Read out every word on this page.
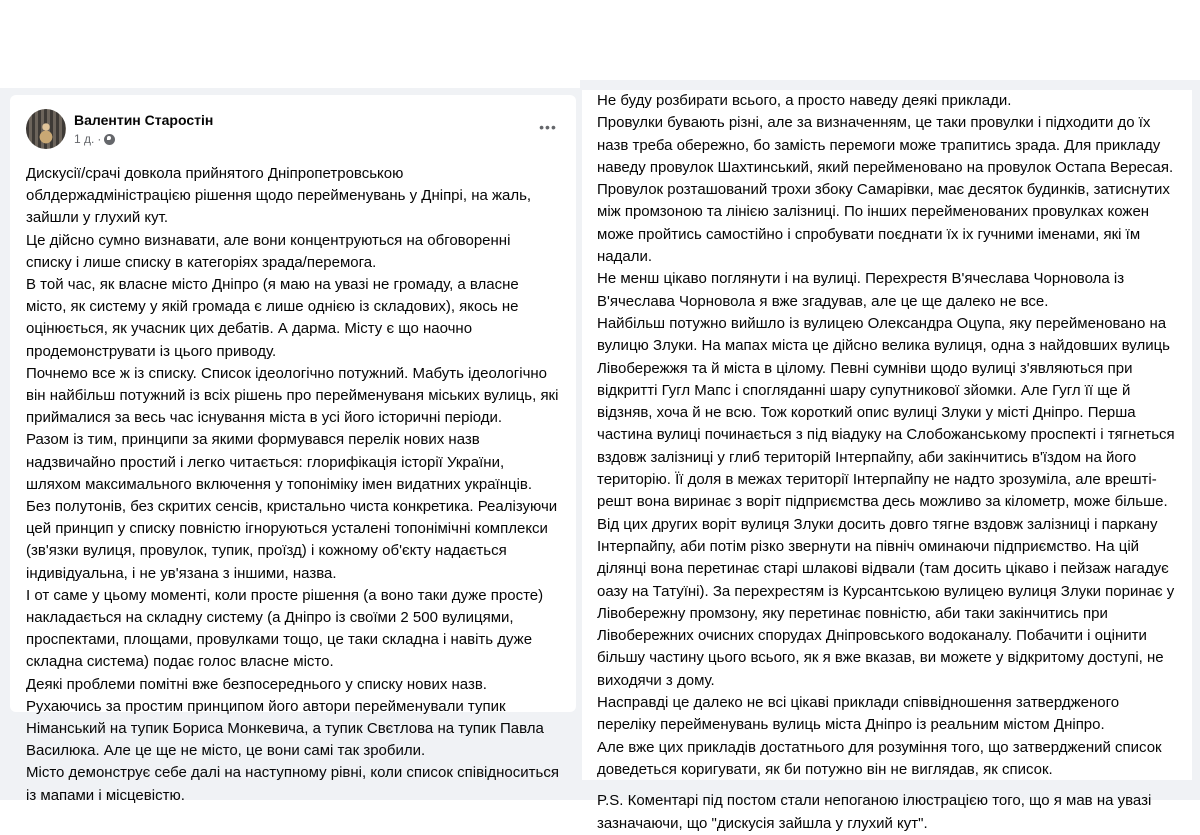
Валентин Старостін
1 д. ·
•••

Дискусії/срачі довкола прийнятого Дніпропетровською облдержадміністрацією рішення щодо перейменувань у Дніпрі, на жаль, зайшли у глухий кут.

Це дійсно сумно визнавати, але вони концентруються на обговоренні списку і лише списку в категоріях зрада/перемога.

В той час, як власне місто Дніпро (я маю на увазі не громаду, а власне місто, як систему у якій громада є лише однією із складових), якось не оцінюється, як учасник цих дебатів. А дарма. Місту є що наочно продемонструвати із цього приводу.

Почнемо все ж із списку. Список ідеологічно потужний. Мабуть ідеологічно він найбільш потужний із всіх рішень про перейменуваня міських вулиць, які приймалися за весь час існування міста в усі його історичні періоди.

Разом із тим, принципи за якими формувався перелік нових назв надзвичайно простий і легко читається: глорифікація історії України, шляхом максимального включення у топоніміку імен видатних українців. Без полутонів, без скритих сенсів, кристально чиста конкретика. Реалізуючи цей принцип у списку повністю ігноруються усталені топонімічні комплекси (зв'язки вулиця, провулок, тупик, проїзд) і кожному об'єкту надається індивідуальна, і не ув'язана з іншими, назва.

І от саме у цьому моменті, коли просте рішення (а воно таки дуже просте) накладається на складну систему (а Дніпро із своїми 2 500 вулицями, проспектами, площами, провулками тощо, це таки складна і навіть дуже складна система) подає голос власне місто.

Деякі проблеми помітні вже безпосереднього у списку нових назв. Рухаючись за простим принципом його автори перейменували тупик Німанський на тупик Бориса Монкевича, а тупик Свєтлова на тупик Павла Василюка. Але це ще не місто, це вони самі так зробили.

Місто демонструє себе далі на наступному рівні, коли список співідноситься із мапами і місцевістю.

Не буду розбирати всього, а просто наведу деякі приклади.

Провулки бувають різні, але за визначенням, це таки провулки і підходити до їх назв треба обережно, бо замість перемоги може трапитись зрада. Для прикладу наведу провулок Шахтинський, який перейменовано на провулок Остапа Вересая. Провулок розташований трохи збоку Самарівки, має десяток будинків, затиснутих між промзоною та лінією залізниці. По інших перейменованих провулках кожен може пройтись самостійно і спробувати поєднати їх іх гучними іменами, які їм надали.

Не менш цікаво поглянути і на вулиці. Перехрестя В'ячеслава Чорновола із В'ячеслава Чорновола я вже згадував, але це ще далеко не все.

Найбільш потужно вийшло із вулицею Олександра Оцупа, яку перейменовано на вулицю Злуки. На мапах міста це дійсно велика вулиця, одна з найдовших вулиць Лівобережжя та й міста в цілому. Певні сумніви щодо вулиці з'являються при відкритті Гугл Мапс і спогляданні шару супутникової зйомки. Але Гугл її ще й відзняв, хоча й не всю. Тож короткий опис вулиці Злуки у місті Дніпро. Перша частина вулиці починається з під віадуку на Слобожанському проспекті і тягнеться вздовж залізниці у глиб територій Інтерпайпу, аби закінчитись в'їздом на його територію. Її доля в межах території Інтерпайпу не надто зрозуміла, але врешті-решт вона виринає з воріт підприємства десь можливо за кілометр, може більше. Від цих других воріт вулиця Злуки досить довго тягне вздовж залізниці і паркану Інтерпайпу, аби потім різко звернути на північ оминаючи підприємство. На цій ділянці вона перетинає старі шлакові відвали (там досить цікаво і пейзаж нагадує оазу на Татуїні). За перехрестям із Курсантською вулицею вулиця Злуки поринає у Лівобережну промзону, яку перетинає повністю, аби таки закінчитись при Лівобережних очисних спорудах Дніпровського водоканалу. Побачити і оцінити більшу частину цього всього, як я вже вказав, ви можете у відкритому доступі, не виходячи з дому.

Насправді це далеко не всі цікаві приклади співвідношення затвердженого переліку перейменувань вулиць міста Дніпро із реальним містом Дніпро.

Але вже цих прикладів достатнього для розуміння того, що затверджений список доведеться коригувати, як би потужно він не виглядав, як список.

P.S. Коментарі під постом стали непоганою ілюстрацією того, що я мав на увазі зазначаючи, що "дискусія зайшла у глухий кут".
